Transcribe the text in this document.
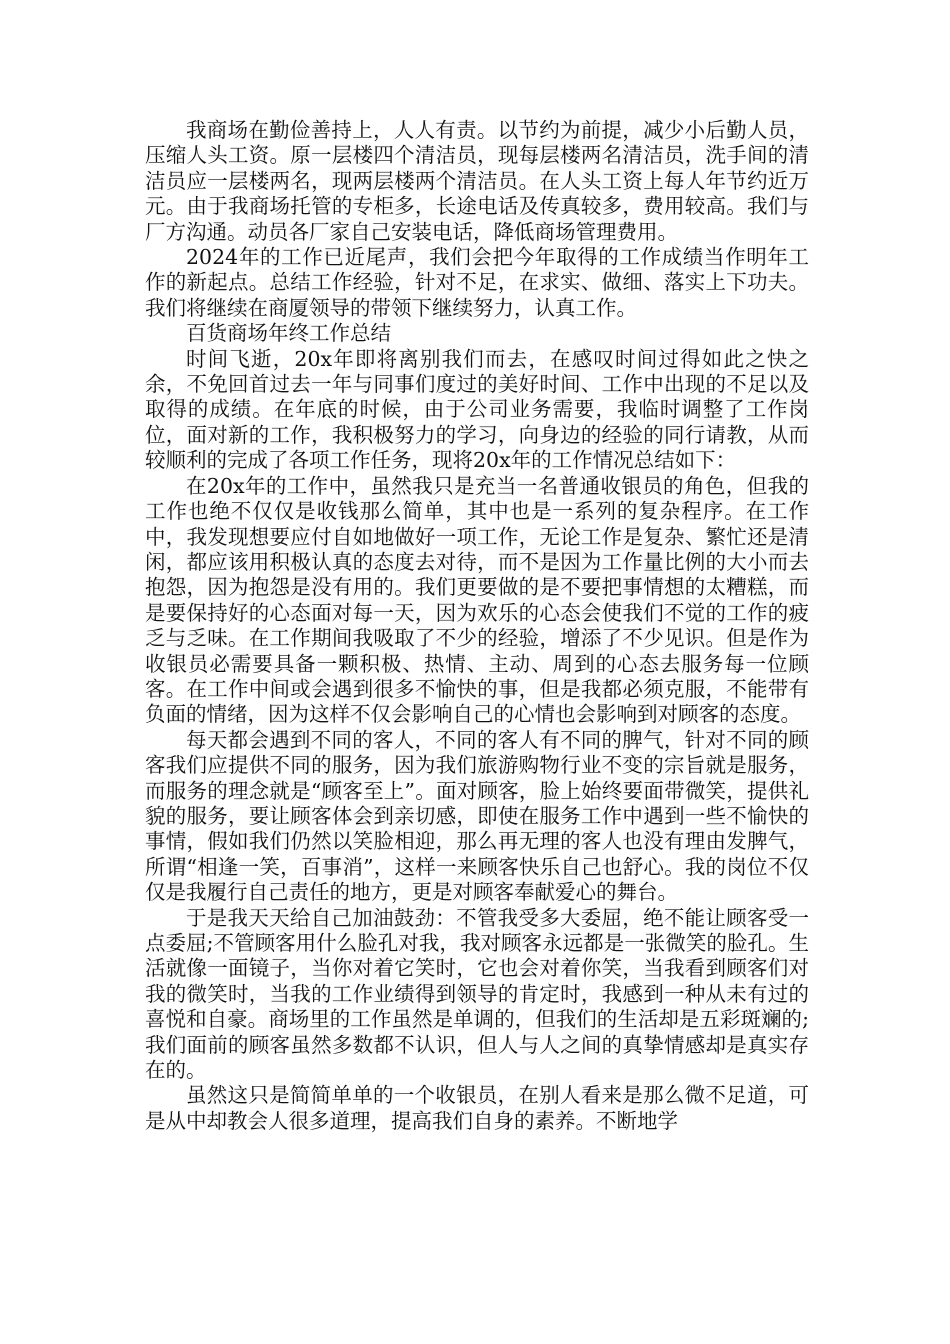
我商场在勤俭善持上，人人有责。以节约为前提，减少小后勤人员，压缩人头工资。原一层楼四个清洁员，现每层楼两名清洁员，洗手间的清洁员应一层楼两名，现两层楼两个清洁员。在人头工资上每人年节约近万元。由于我商场托管的专柜多，长途电话及传真较多，费用较高。我们与厂方沟通。动员各厂家自己安装电话，降低商场管理费用。

2024年的工作已近尾声，我们会把今年取得的工作成绩当作明年工作的新起点。总结工作经验，针对不足，在求实、做细、落实上下功夫。我们将继续在商厦领导的带领下继续努力，认真工作。

百货商场年终工作总结

时间飞逝，20x年即将离别我们而去，在感叹时间过得如此之快之余，不免回首过去一年与同事们度过的美好时间、工作中出现的不足以及取得的成绩。在年底的时候，由于公司业务需要，我临时调整了工作岗位，面对新的工作，我积极努力的学习，向身边的经验的同行请教，从而较顺利的完成了各项工作任务，现将20x年的工作情况总结如下：

在20x年的工作中，虽然我只是充当一名普通收银员的角色，但我的工作也绝不仅仅是收钱那么简单，其中也是一系列的复杂程序。在工作中，我发现想要应付自如地做好一项工作，无论工作是复杂、繁忙还是清闲，都应该用积极认真的态度去对待，而不是因为工作量比例的大小而去抱怨，因为抱怨是没有用的。我们更要做的是不要把事情想的太糟糕，而是要保持好的心态面对每一天，因为欢乐的心态会使我们不觉的工作的疲乏与乏味。在工作期间我吸取了不少的经验，增添了不少见识。但是作为收银员必需要具备一颗积极、热情、主动、周到的心态去服务每一位顾客。在工作中间或会遇到很多不愉快的事，但是我都必须克服，不能带有负面的情绪，因为这样不仅会影响自己的心情也会影响到对顾客的态度。

每天都会遇到不同的客人，不同的客人有不同的脾气，针对不同的顾客我们应提供不同的服务，因为我们旅游购物行业不变的宗旨就是服务，而服务的理念就是“顾客至上”。面对顾客，脸上始终要面带微笑，提供礼貌的服务，要让顾客体会到亲切感，即使在服务工作中遇到一些不愉快的事情，假如我们仍然以笑脸相迎，那么再无理的客人也没有理由发脾气，所谓“相逢一笑，百事消”，这样一来顾客快乐自己也舒心。我的岗位不仅仅是我履行自己责任的地方，更是对顾客奉献爱心的舞台。

于是我天天给自己加油鼓劲：不管我受多大委屈，绝不能让顾客受一点委屈;不管顾客用什么脸孔对我，我对顾客永远都是一张微笑的脸孔。生活就像一面镜子，当你对着它笑时，它也会对着你笑，当我看到顾客们对我的微笑时，当我的工作业绩得到领导的肯定时，我感到一种从未有过的喜悦和自豪。商场里的工作虽然是单调的，但我们的生活却是五彩斑斓的;我们面前的顾客虽然多数都不认识，但人与人之间的真挚情感却是真实存在的。

虽然这只是简简单单的一个收银员，在别人看来是那么微不足道，可是从中却教会人很多道理，提高我们自身的素养。不断地学
